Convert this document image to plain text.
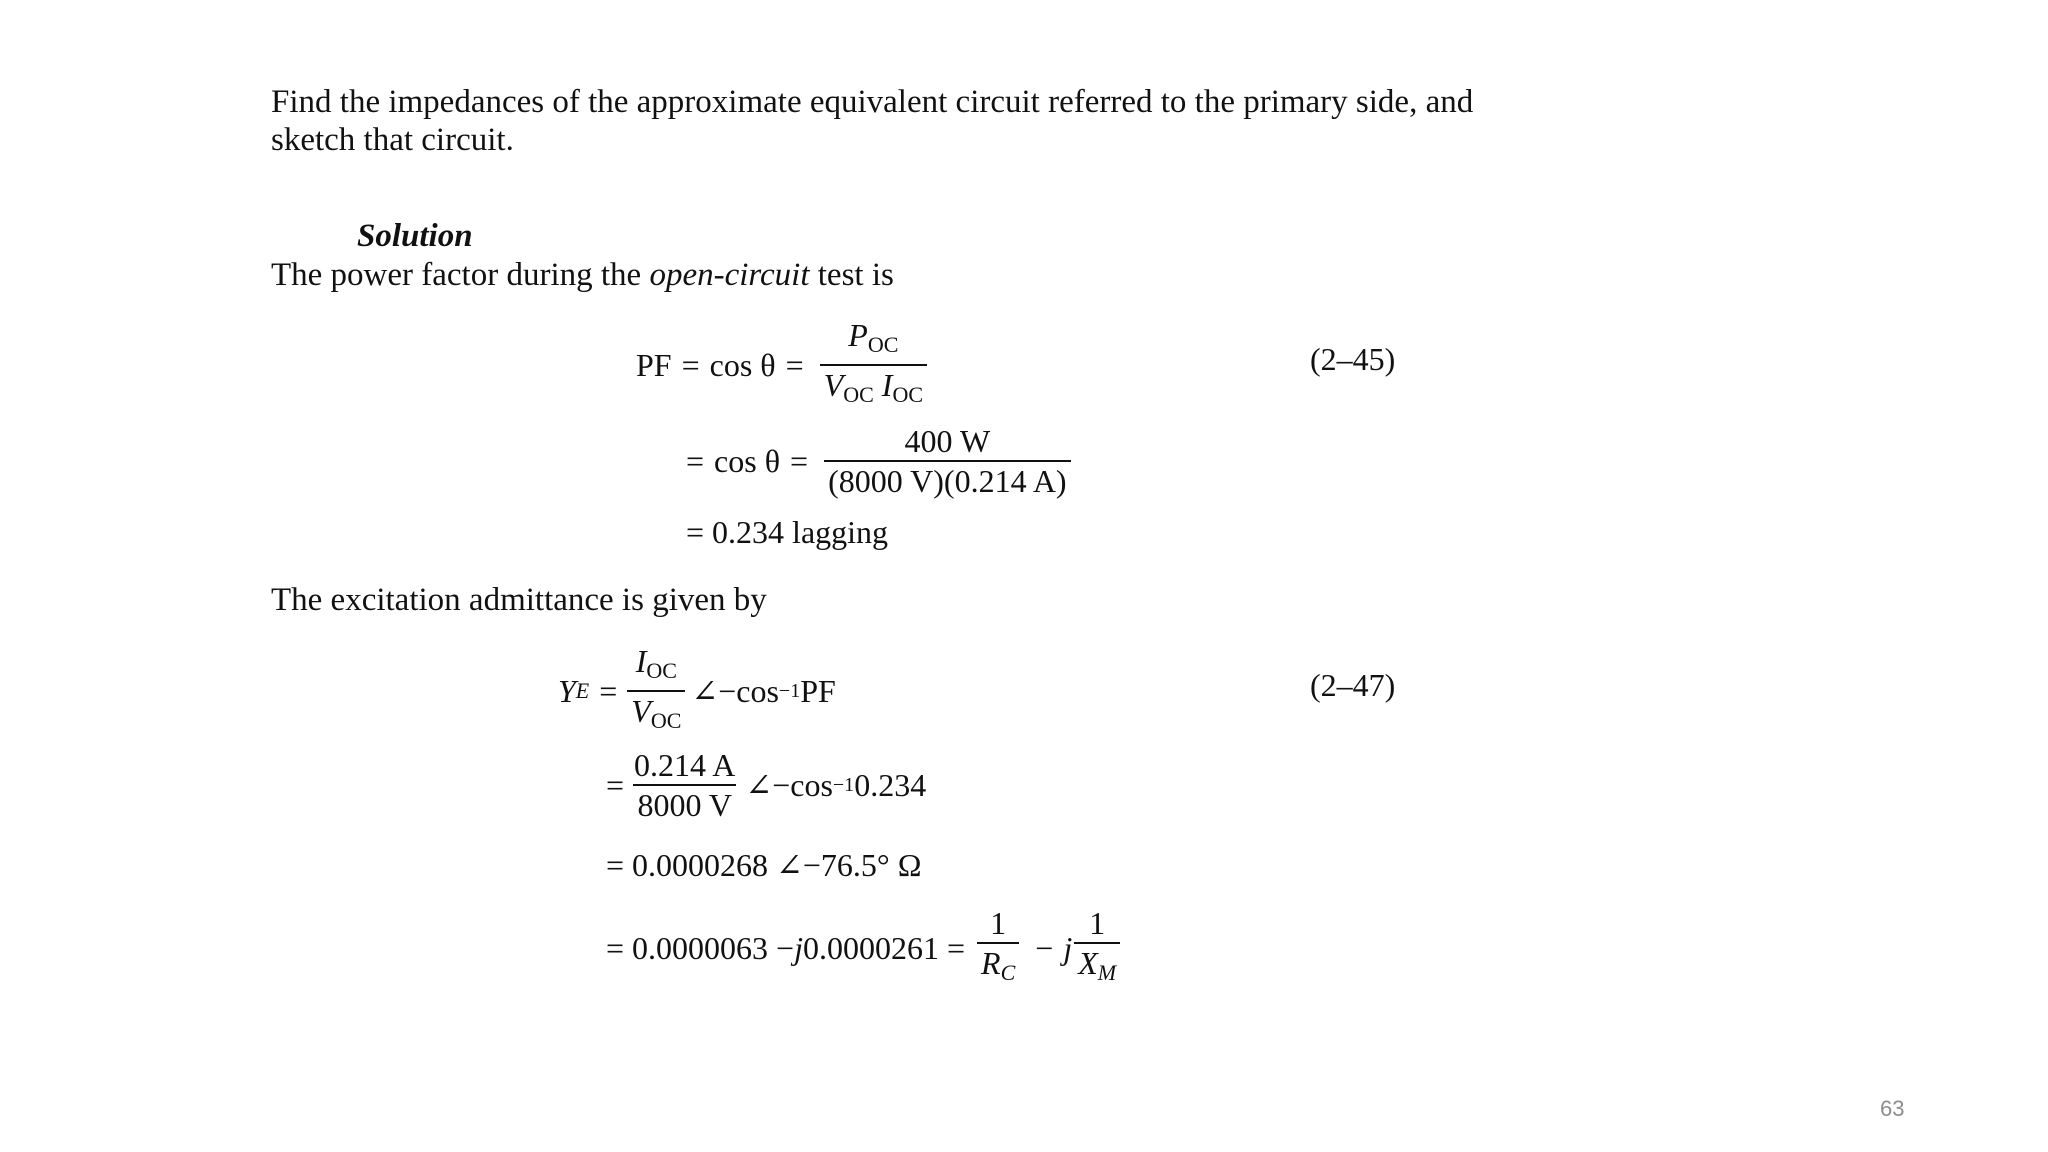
Find the impedances of the approximate equivalent circuit referred to the primary side, and
sketch that circuit.
Solution
The power factor during the open-circuit test is
PF = $\cos \theta = \frac{P_{OC}}{V_{OC} I_{OC}}$	(2–45)
= $\cos \theta = \frac{400 W}{(8000 V)(0.214 A)}$
= 0.234 lagging
The excitation admittance is given by
Y $E = \frac{I_{OC}}{V_{OC}}$ ∠−cos −1 PF	(2–47)
= $\frac{0.214 A}{8000 V}$ ∠−cos −1 0.234
= 0.0000268 ∠−76.5° Ω
= 0.0000063 − j $0.0000261 = \frac{1}{R_C} - j \frac{1}{X_M}$
63
